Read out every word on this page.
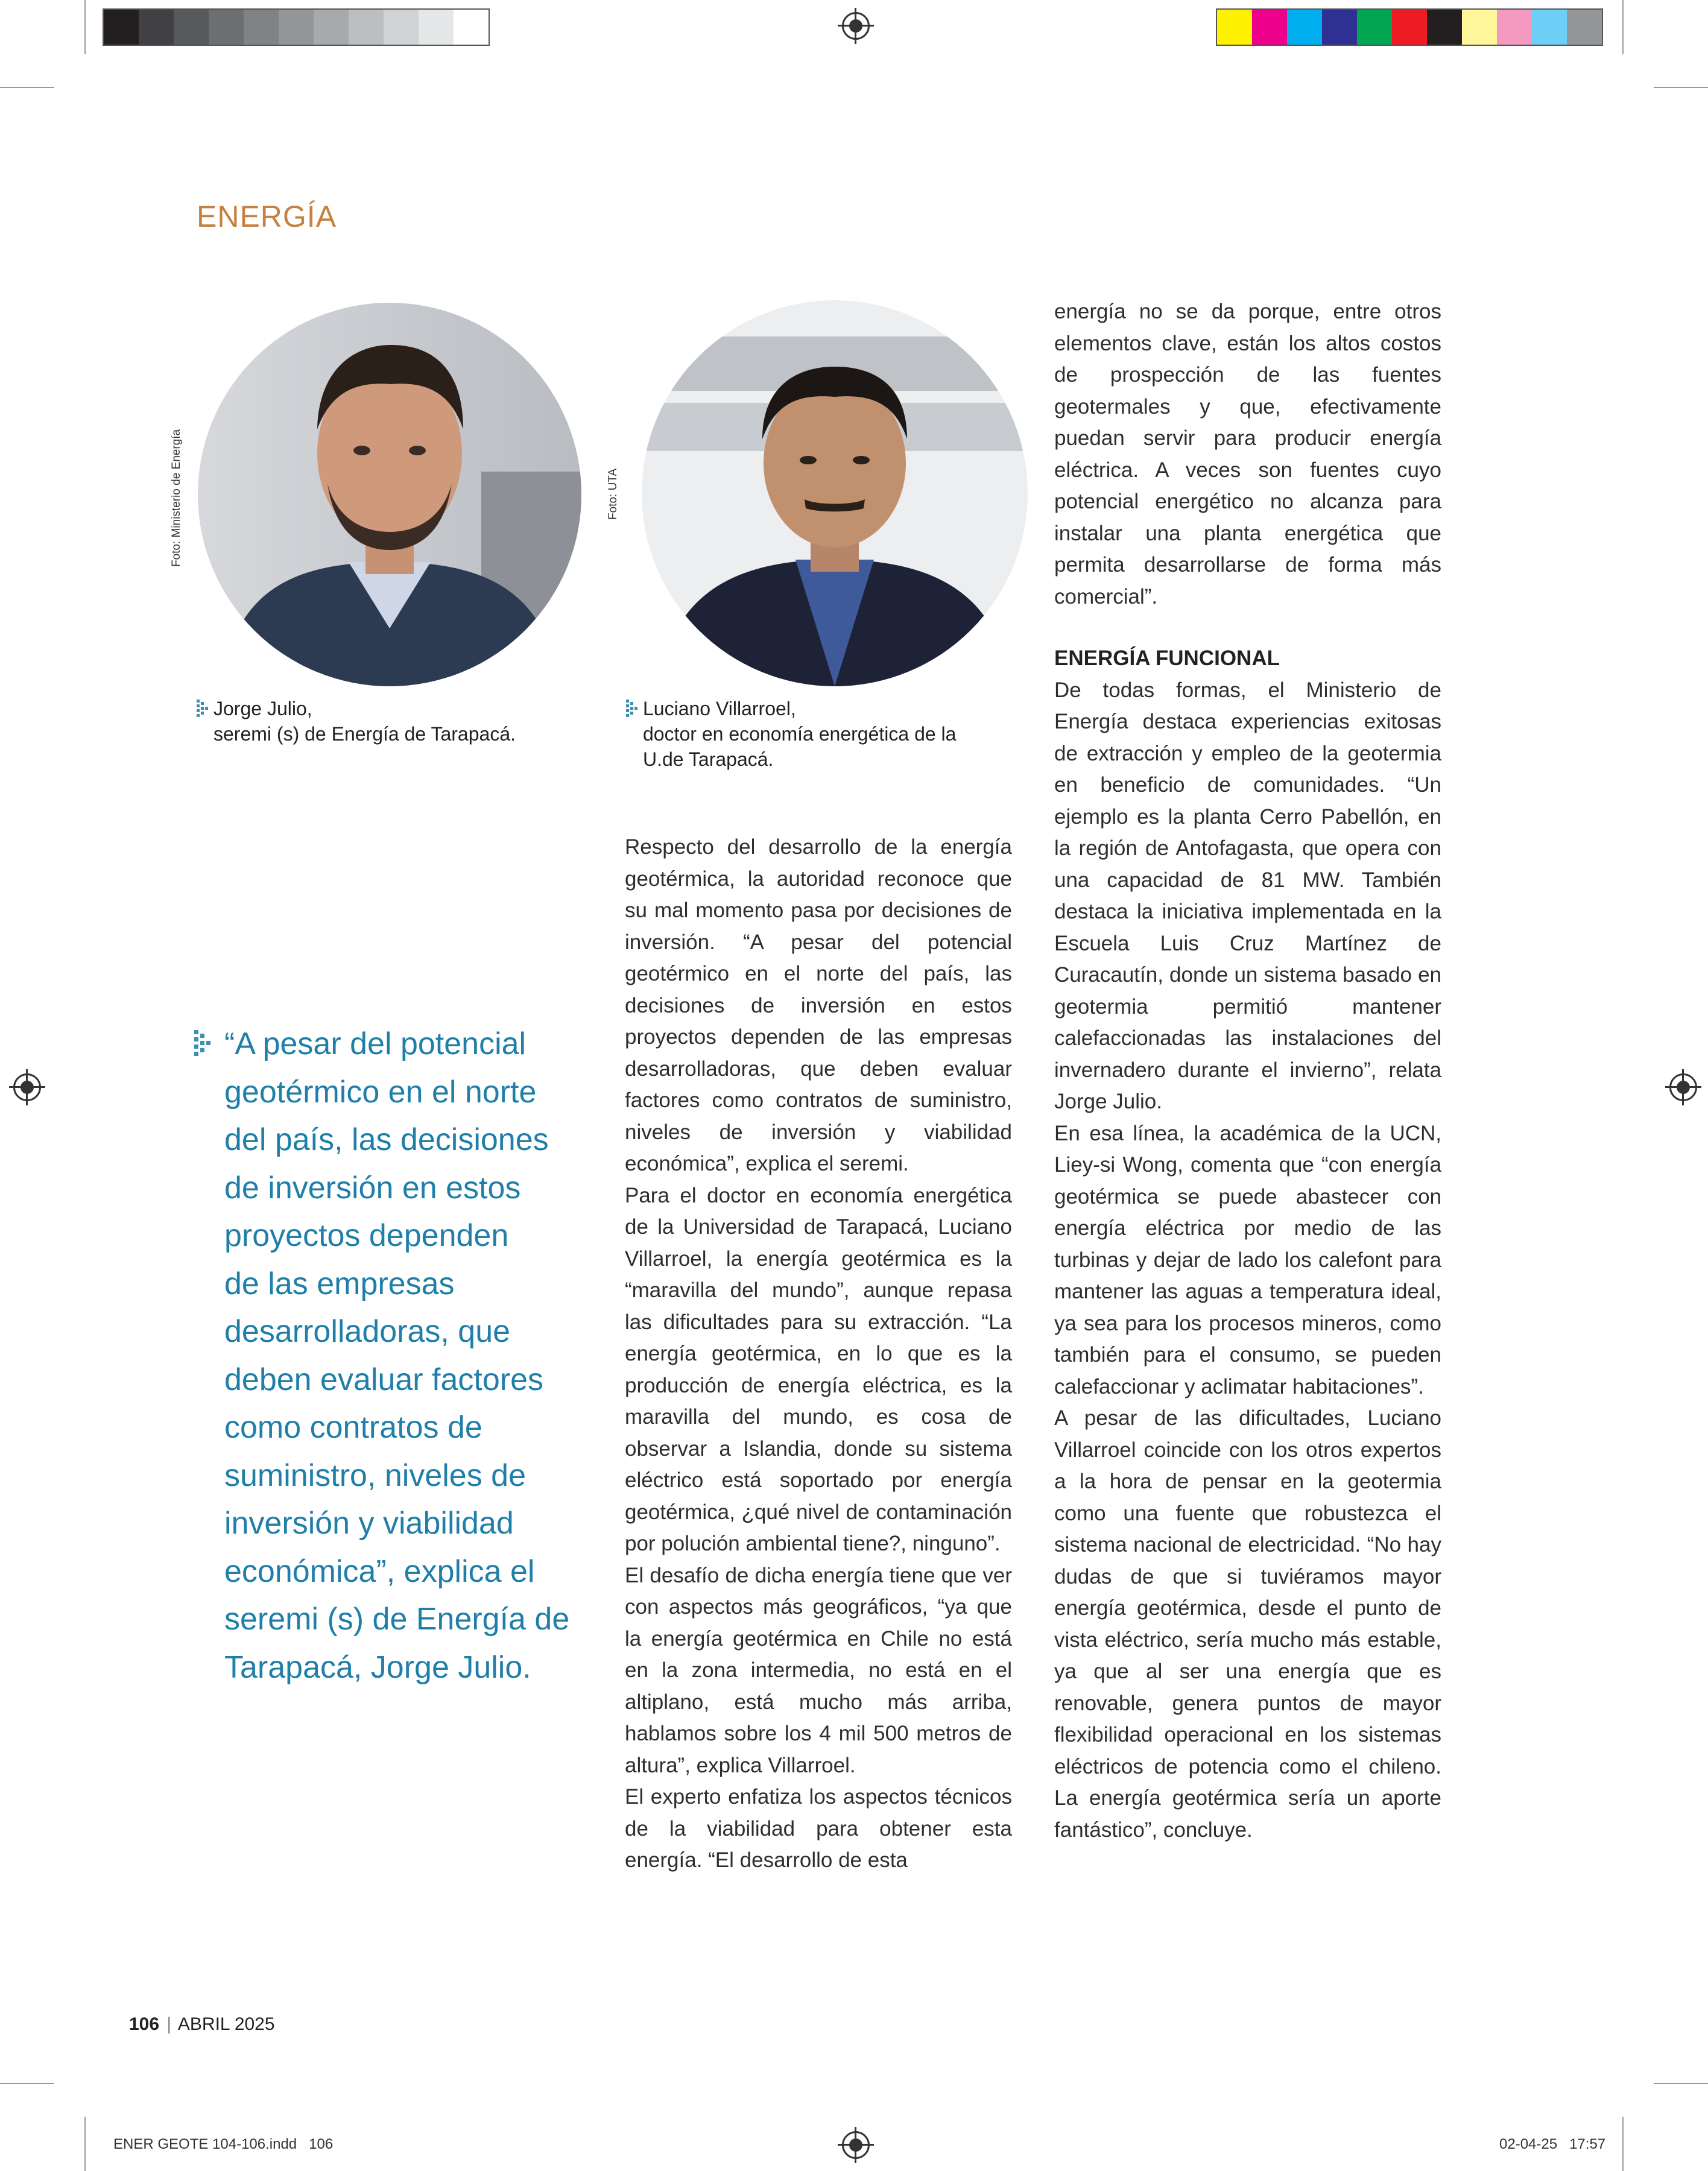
ENERGÍA
Foto: Ministerio de Energía	Foto: UTA
Jorge Julio,
seremi (s) de Energía de Tarapacá.
Luciano Villarroel,
doctor en economía energética de la
U.de Tarapacá.
“A pesar del potencial
geotérmico en el norte
del país, las decisiones
de inversión en estos
proyectos dependen
de las empresas
desarrolladoras, que
deben evaluar factores
como contratos de
suministro, niveles de
inversión y viabilidad
económica”, explica el
seremi (s) de Energía de
Tarapacá, Jorge Julio.

Respecto del desarrollo de la energía geotérmica, la autoridad reconoce que su mal momento pasa por decisiones de inversión. “A pesar del potencial geotérmico en el norte del país, las decisiones de inversión en estos proyectos dependen de las empresas desarrolladoras, que deben evaluar factores como contratos de suministro, niveles de inversión y viabilidad económica”, explica el seremi.

Para el doctor en economía energética de la Universidad de Tarapacá, Luciano Villarroel, la energía geotérmica es la “maravilla del mundo”, aunque repasa las dificultades para su extracción. “La energía geotérmica, en lo que es la producción de energía eléctrica, es la maravilla del mundo, es cosa de observar a Islandia, donde su sistema eléctrico está soportado por energía geotérmica, ¿qué nivel de contaminación por polución ambiental tiene?, ninguno”.

El desafío de dicha energía tiene que ver con aspectos más geográficos, “ya que la energía geotérmica en Chile no está en la zona intermedia, no está en el altiplano, está mucho más arriba, hablamos sobre los 4 mil 500 metros de altura”, explica Villarroel.

El experto enfatiza los aspectos técnicos de la viabilidad para obtener esta energía. “El desarrollo de esta

energía no se da porque, entre otros elementos clave, están los altos costos de prospección de las fuentes geotermales y que, efectivamente puedan servir para producir energía eléctrica. A veces son fuentes cuyo potencial energético no alcanza para instalar una planta energética que permita desarrollarse de forma más comercial”.

ENERGÍA FUNCIONAL

De todas formas, el Ministerio de Energía destaca experiencias exitosas de extracción y empleo de la geotermia en beneficio de comunidades. “Un ejemplo es la planta Cerro Pabellón, en la región de Antofagasta, que opera con una capacidad de 81 MW. También destaca la iniciativa implementada en la Escuela Luis Cruz Martínez de Curacautín, donde un sistema basado en geotermia permitió mantener calefaccionadas las instalaciones del invernadero durante el invierno”, relata Jorge Julio.

En esa línea, la académica de la UCN, Liey-si Wong, comenta que “con energía geotérmica se puede abastecer con energía eléctrica por medio de las turbinas y dejar de lado los calefont para mantener las aguas a temperatura ideal, ya sea para los procesos mineros, como también para el consumo, se pueden calefaccionar y aclimatar habitaciones”.

A pesar de las dificultades, Luciano Villarroel coincide con los otros expertos a la hora de pensar en la geotermia como una fuente que robustezca el sistema nacional de electricidad. “No hay dudas de que si tuviéramos mayor energía geotérmica, desde el punto de vista eléctrico, sería mucho más estable, ya que al ser una energía que es renovable, genera puntos de mayor flexibilidad operacional en los sistemas eléctricos de potencia como el chileno. La energía geotérmica sería un aporte fantástico”, concluye.

106 | ABRIL 2025
ENER GEOTE 104-106.indd   106	02-04-25   17:57
